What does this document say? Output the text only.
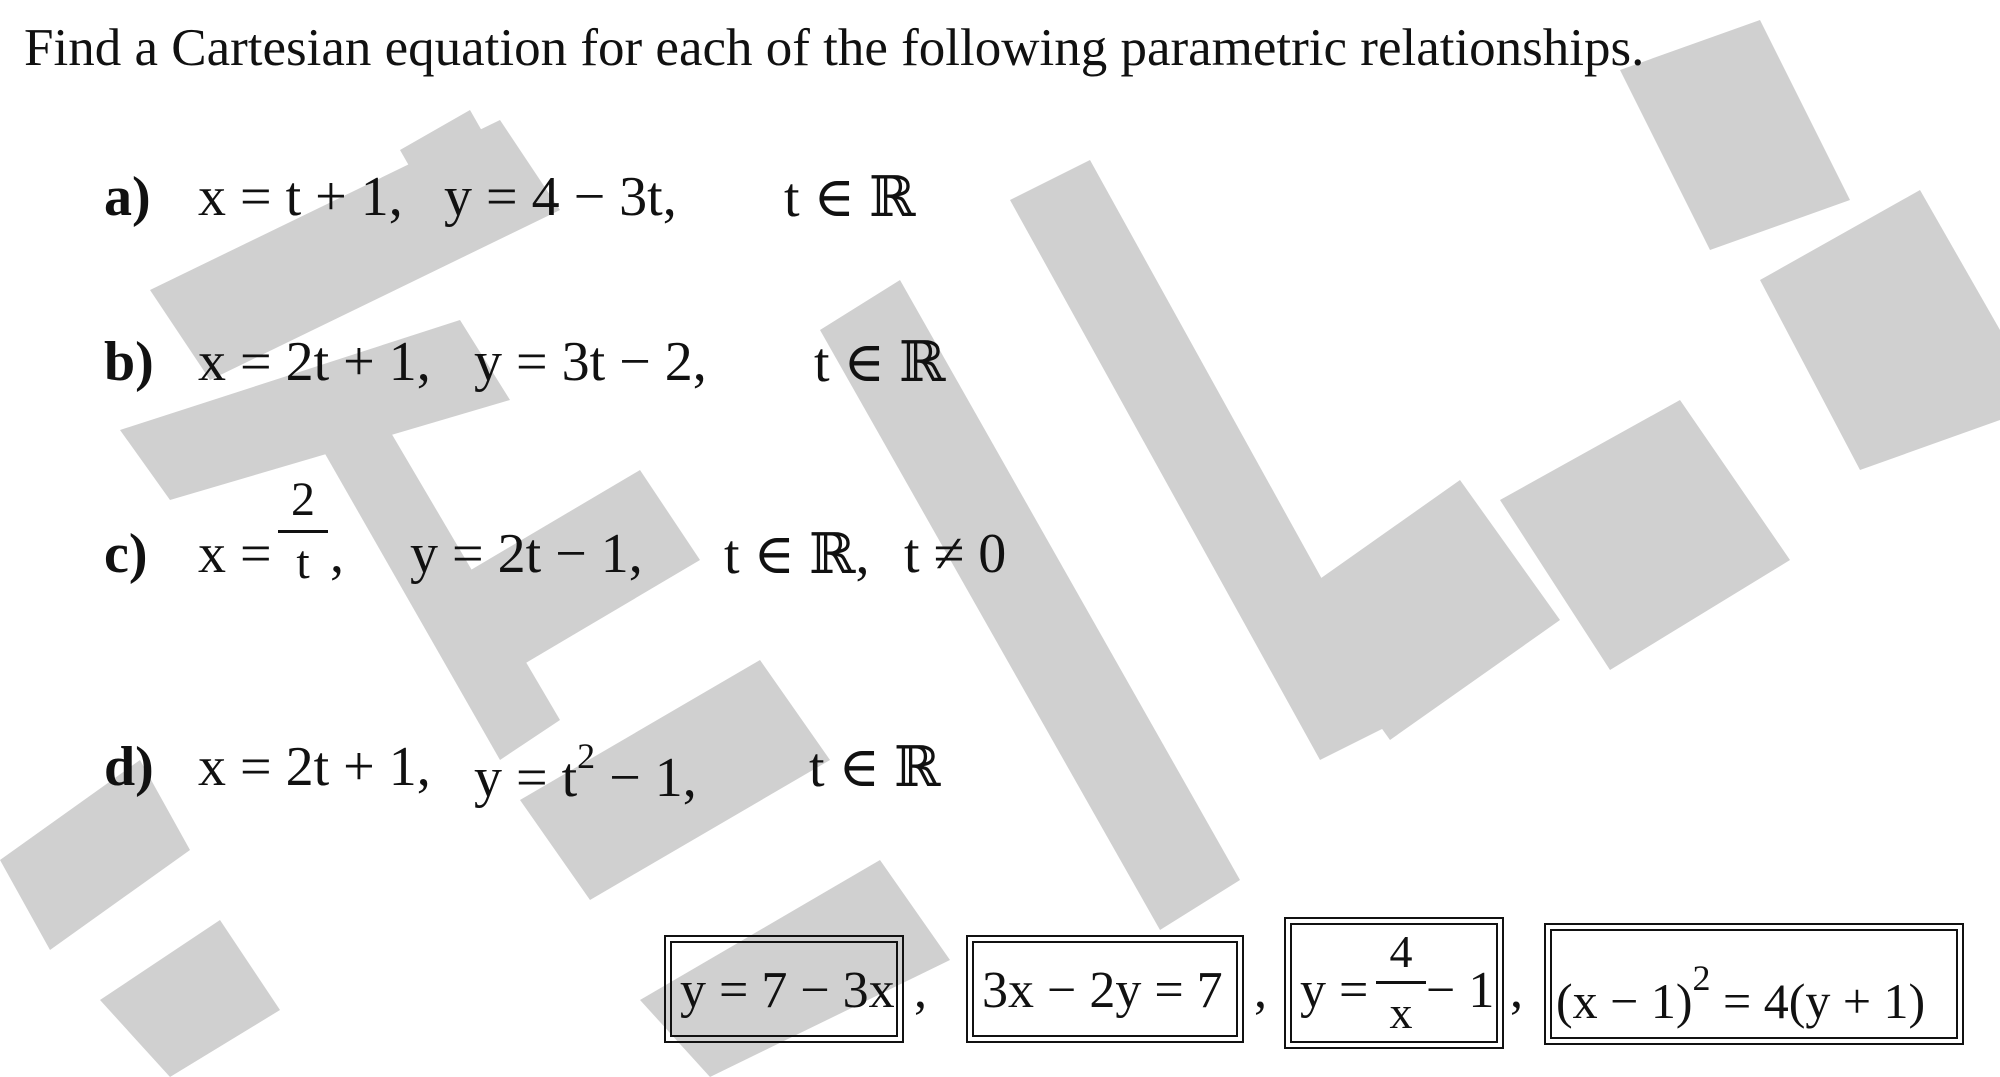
Find a Cartesian equation for each of the following parametric relationships.
a) x = t + 1, y = 4 − 3t, t ∈ ℝ
b) x = 2t + 1, y = 3t − 2, t ∈ ℝ
c) x =
2
t , y = 2t − 1, t ∈ ℝ, t ≠ 0
d) x = 2t + 1, $y = t^2 - 1$, t ∈ ℝ
y = 7 − 3x , 3x − 2y = 7 , y =
4
x − 1 , $(x - 1)^2 = 4(y + 1)$
